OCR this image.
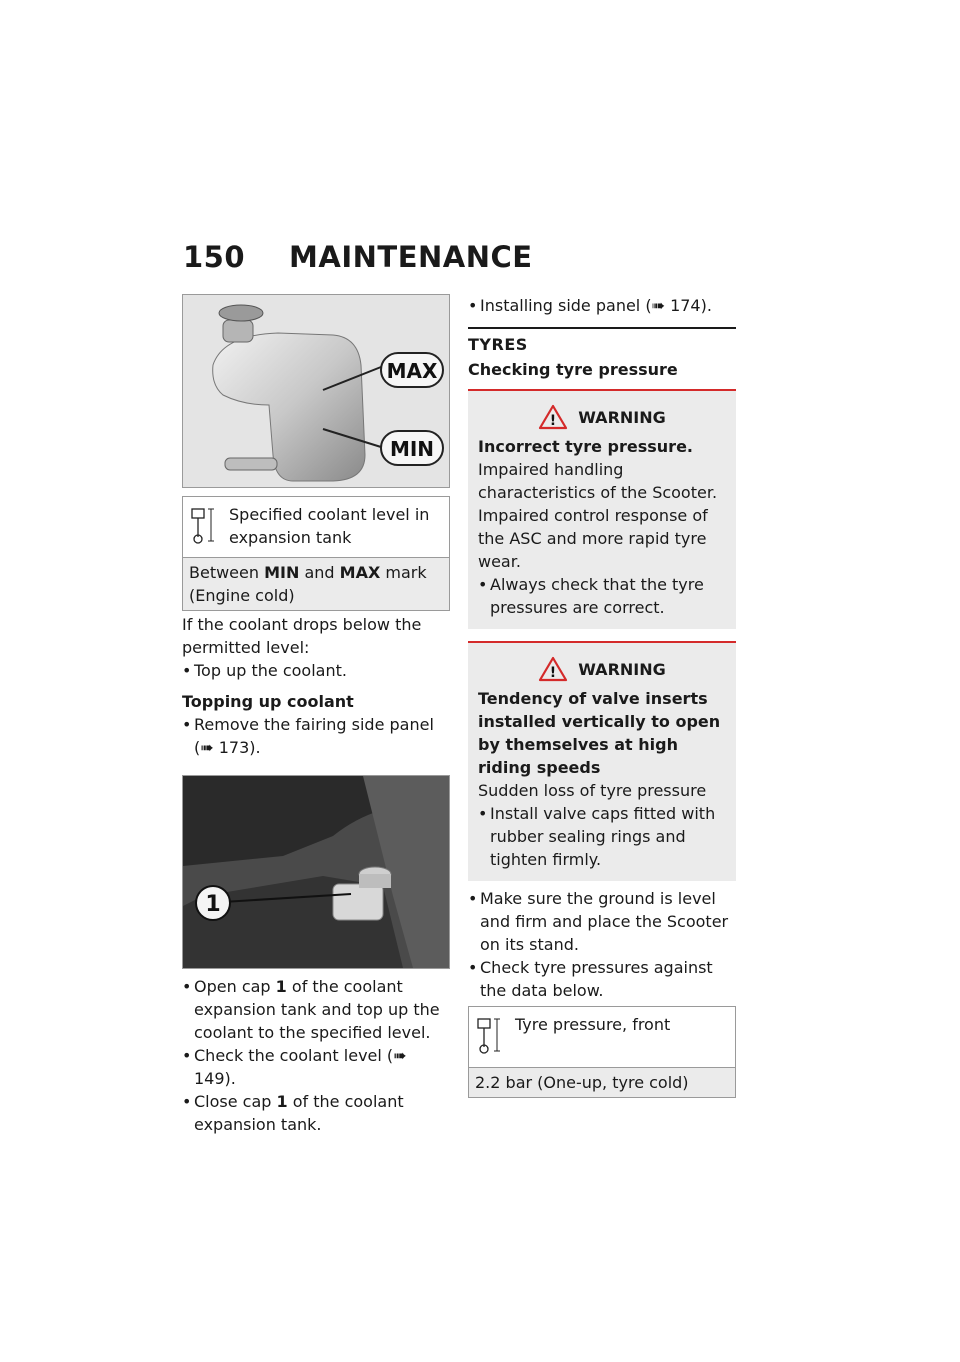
150 MAINTENANCE
MAX
MIN
Specified coolant level in expansion tank
Between MIN and MAX mark
(Engine cold)

If the coolant drops below the permitted level:

• Top up the coolant.

Topping up coolant

• Remove the fairing side panel (➠ 173).
1
• Open cap 1 of the coolant expansion tank and top up the coolant to the specified level.
• Check the coolant level (➠ 149).
• Close cap 1 of the coolant expansion tank.
• Installing side panel (➠ 174).

TYRES

Checking tyre pressure

! WARNING

Incorrect tyre pressure.

Impaired handling characteristics of the Scooter. Impaired control response of the ASC and more rapid tyre wear.

• Always check that the tyre pressures are correct.
! WARNING

Tendency of valve inserts installed vertically to open by themselves at high riding speeds

Sudden loss of tyre pressure

• Install valve caps fitted with rubber sealing rings and tighten firmly.
• Make sure the ground is level and firm and place the Scooter on its stand.
• Check tyre pressures against the data below.
Tyre pressure, front
2.2 bar (One-up, tyre cold)
